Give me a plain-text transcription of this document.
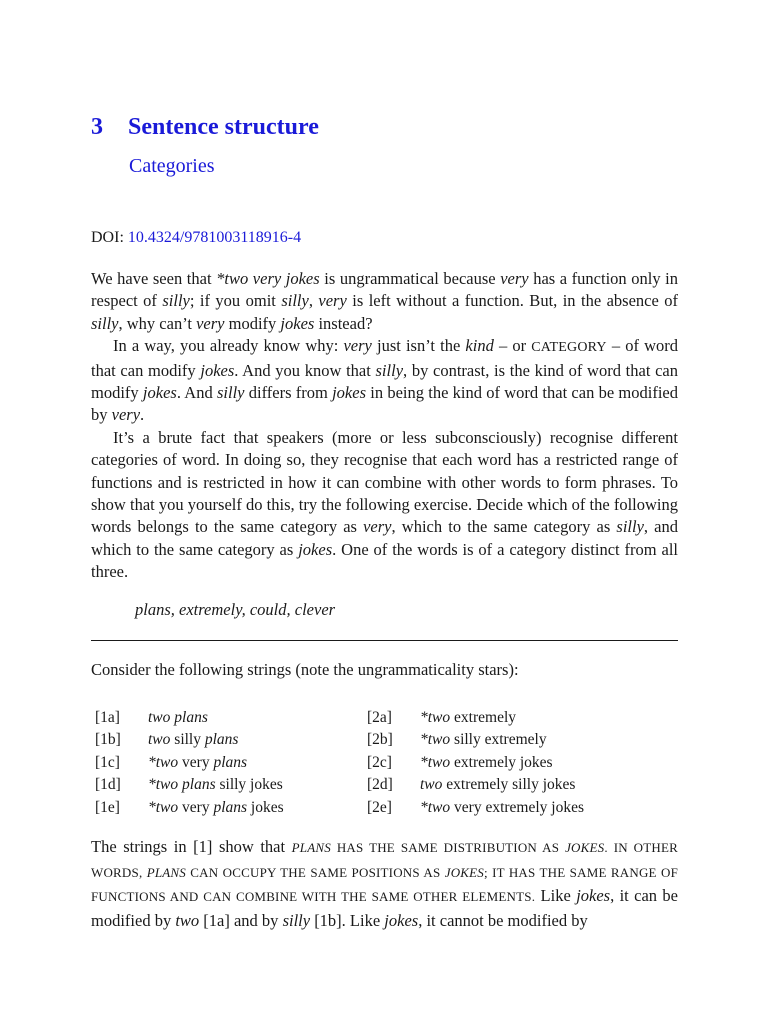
3 Sentence structure
Categories
DOI: 10.4324/9781003118916-4

We have seen that *two very jokes is ungrammatical because very has a function only in respect of silly; if you omit silly, very is left without a function. But, in the absence of silly, why can’t very modify jokes instead?

In a way, you already know why: very just isn’t the kind – or CATEGORY – of word that can modify jokes. And you know that silly, by contrast, is the kind of word that can modify jokes. And silly differs from jokes in being the kind of word that can be modified by very.

It’s a brute fact that speakers (more or less subconsciously) recognise different categories of word. In doing so, they recognise that each word has a restricted range of functions and is restricted in how it can combine with other words to form phrases. To show that you yourself do this, try the following exercise. Decide which of the following words belongs to the same category as very, which to the same category as silly, and which to the same category as jokes. One of the words is of a category distinct from all three.

plans, extremely, could, clever
Consider the following strings (note the ungrammaticality stars):
[1a] two plans	[2a] *two extremely
[1b] two silly plans	[2b] *two silly extremely
[1c] *two very plans	[2c] *two extremely jokes
[1d] *two plans silly jokes	[2d] two extremely silly jokes
[1e] *two very plans jokes	[2e] *two very extremely jokes
The strings in [1] show that PLANS HAS THE SAME DISTRIBUTION AS JOKES. IN OTHER WORDS, PLANS CAN OCCUPY THE SAME POSITIONS AS JOKES; IT HAS THE SAME RANGE OF FUNCTIONS AND CAN COMBINE WITH THE SAME OTHER ELEMENTS. Like jokes, it can be modified by two [1a] and by silly [1b]. Like jokes, it cannot be modified by
